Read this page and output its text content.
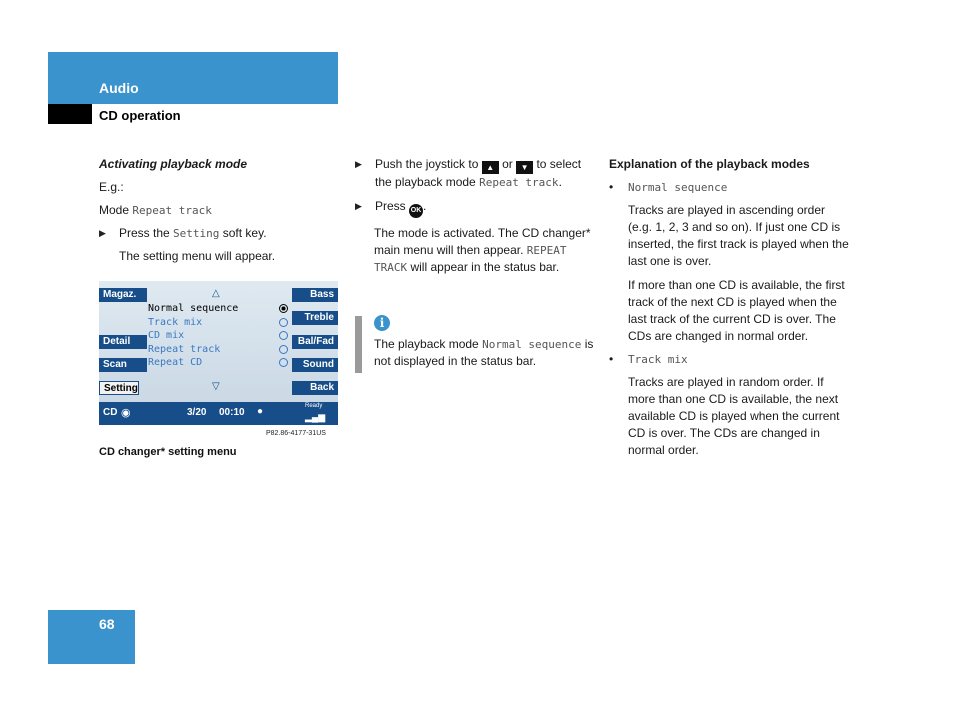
Audio
CD operation

Activating playback mode

E.g.:

Mode Repeat track

▶ Press the Setting soft key.

The setting menu will appear.

Magaz.
Detail
Scan
Setting
Bass
Treble
Bal/Fad
Sound
Back
△
▽
Normal sequence
Track mix
CD mix
Repeat track
Repeat CD
CD ◉	3/20 00:10 ●	Ready
▂▄▆
P82.86-4177-31US
CD changer* setting menu

▶ Push the joystick to ▲ or ▼ to select the playback mode Repeat track.

▶ Press OK .

The mode is activated. The CD changer* main menu will then appear. REPEAT TRACK will appear in the status bar.

i

The playback mode Normal sequence is not displayed in the status bar.

Explanation of the playback modes

• Normal sequence

Tracks are played in ascending order (e.g. 1, 2, 3 and so on). If just one CD is inserted, the first track is played when the last one is over.

If more than one CD is available, the first track of the next CD is played when the last track of the current CD is over. The CDs are changed in normal order.

• Track mix

Tracks are played in random order. If more than one CD is available, the next available CD is played when the current CD is over. The CDs are changed in normal order.

68
